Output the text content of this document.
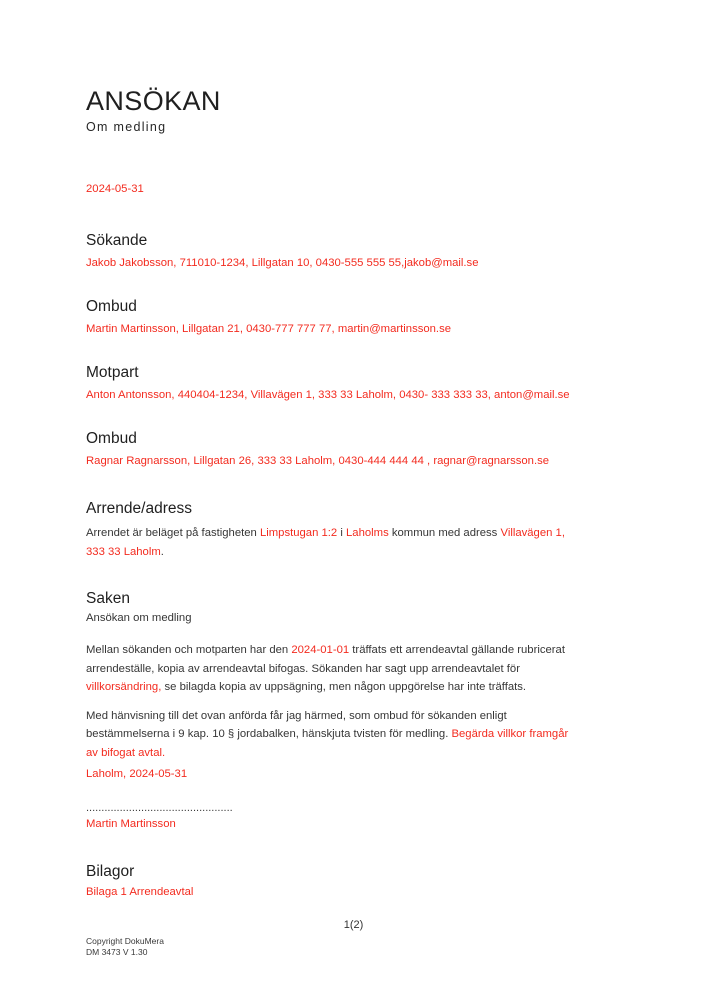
ANSÖKAN
Om medling
2024-05-31
Sökande

Jakob Jakobsson, 711010-1234, Lillgatan 10, 0430-555 555 55,jakob@mail.se

Ombud

Martin Martinsson, Lillgatan 21, 0430-777 777 77, martin@martinsson.se

Motpart

Anton Antonsson, 440404-1234, Villavägen 1, 333 33 Laholm, 0430- 333 333 33, anton@mail.se

Ombud

Ragnar Ragnarsson, Lillgatan 26, 333 33 Laholm, 0430-444 444 44 , ragnar@ragnarsson.se

Arrende/adress

Arrendet är beläget på fastigheten Limpstugan 1:2 i Laholms kommun med adress Villavägen 1,
333 33 Laholm.

Saken

Ansökan om medling

Mellan sökanden och motparten har den 2024-01-01 träffats ett arrendeavtal gällande rubricerat
arrendeställe, kopia av arrendeavtal bifogas. Sökanden har sagt upp arrendeavtalet för
villkorsändring, se bilagda kopia av uppsägning, men någon uppgörelse har inte träffats.

Med hänvisning till det ovan anförda får jag härmed, som ombud för sökanden enligt
bestämmelserna i 9 kap. 10 § jordabalken, hänskjuta tvisten för medling. Begärda villkor framgår
av bifogat avtal.

Laholm, 2024-05-31
................................................
Martin Martinsson
Bilagor

Bilaga 1 Arrendeavtal

1(2)
Copyright DokuMera
DM 3473 V 1.30
